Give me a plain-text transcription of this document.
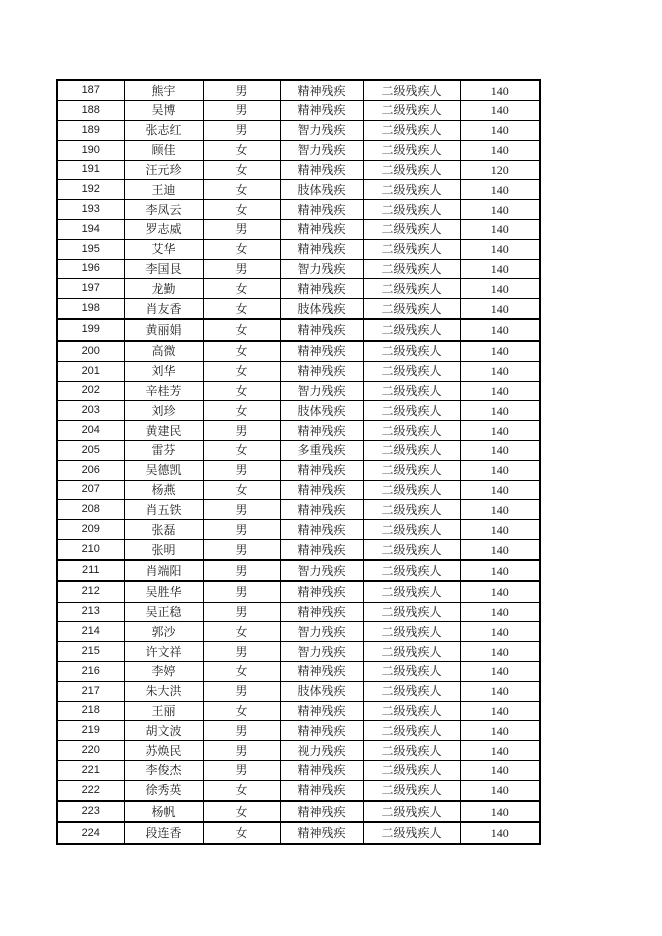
187	熊宇	男	精神残疾	二级残疾人	140
188	吴博	男	精神残疾	二级残疾人	140
189	张志红	男	智力残疾	二级残疾人	140
190	顾佳	女	智力残疾	二级残疾人	140
191	汪元珍	女	精神残疾	二级残疾人	120
192	王迪	女	肢体残疾	二级残疾人	140
193	李凤云	女	精神残疾	二级残疾人	140
194	罗志威	男	精神残疾	二级残疾人	140
195	艾华	女	精神残疾	二级残疾人	140
196	李国艮	男	智力残疾	二级残疾人	140
197	龙勤	女	精神残疾	二级残疾人	140
198	肖友香	女	肢体残疾	二级残疾人	140
199	黄丽娟	女	精神残疾	二级残疾人	140
200	高微	女	精神残疾	二级残疾人	140
201	刘华	女	精神残疾	二级残疾人	140
202	辛桂芳	女	智力残疾	二级残疾人	140
203	刘珍	女	肢体残疾	二级残疾人	140
204	黄建民	男	精神残疾	二级残疾人	140
205	雷芬	女	多重残疾	二级残疾人	140
206	吴德凯	男	精神残疾	二级残疾人	140
207	杨燕	女	精神残疾	二级残疾人	140
208	肖五铁	男	精神残疾	二级残疾人	140
209	张磊	男	精神残疾	二级残疾人	140
210	张明	男	精神残疾	二级残疾人	140
211	肖端阳	男	智力残疾	二级残疾人	140
212	吴胜华	男	精神残疾	二级残疾人	140
213	吴正稳	男	精神残疾	二级残疾人	140
214	郭沙	女	智力残疾	二级残疾人	140
215	许文祥	男	智力残疾	二级残疾人	140
216	李婷	女	精神残疾	二级残疾人	140
217	朱大洪	男	肢体残疾	二级残疾人	140
218	王丽	女	精神残疾	二级残疾人	140
219	胡文波	男	精神残疾	二级残疾人	140
220	苏焕民	男	视力残疾	二级残疾人	140
221	李俊杰	男	精神残疾	二级残疾人	140
222	徐秀英	女	精神残疾	二级残疾人	140
223	杨帆	女	精神残疾	二级残疾人	140
224	段连香	女	精神残疾	二级残疾人	140
